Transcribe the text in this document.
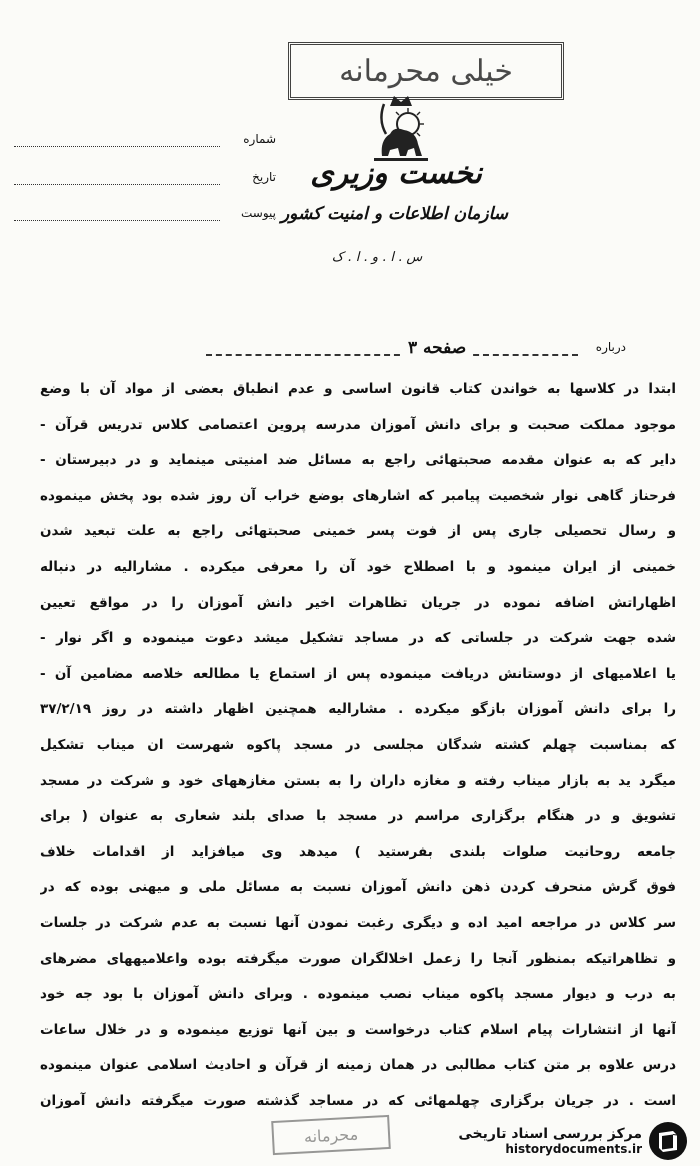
خیلی محرمانه
نخست وزیری
سازمان اطلاعات و امنیت کشور
س . ا . و . ا . ک
شماره
تاریخ
پیوست
صفحه ۳	درباره
ابتدا در کلاسها به خواندن کتاب قانون اساسی و عدم انطباق بعضی از مواد آن با وضع
موجود مملکت صحبت و برای دانش آموزان مدرسه پروین اعتصامی کلاس تدریس قرآن -
دایر که به عنوان مقدمه صحبتهائی راجع به مسائل ضد امنیتی مینماید و در دبیرستان -
فرحناز گاهی نوار شخصیت پیامبر که اشارهای بوضع خراب آن روز شده بود پخش مینموده
و رسال تحصیلی جاری پس از فوت پسر خمینی صحبتهائی راجع به علت تبعید شدن
خمینی از ایران مینمود و با اصطلاح خود آن را معرفی میکرده . مشارالیه در دنباله
اظهاراتش اضافه نموده در جریان تظاهرات اخیر دانش آموزان را در مواقع تعیین
شده جهت شرکت در جلساتی که در مساجد تشکیل میشد دعوت مینموده و اگر نوار -
یا اعلامیهای از دوستانش دریافت مینموده پس از استماع یا مطالعه خلاصه مضامین آن -
را برای دانش آموزان بازگو میکرده . مشارالیه همچنین اظهار داشته در روز ۳۷/۲/۱۹
که بمناسبت چهلم کشته شدگان مجلسی در مسجد پاکوه شهرست ان میناب تشکیل
میگرد ید به بازار میناب رفته و مغازه داران را به بستن مغازههای خود و شرکت در مسجد
تشویق و در هنگام برگزاری مراسم در مسجد با صدای بلند شعاری به عنوان ( برای
جامعه روحانیت صلوات بلندی بفرستید ) میدهد وی میافزاید از اقدامات خلاف
فوق گرش منحرف کردن ذهن دانش آموزان نسبت به مسائل ملی و میهنی بوده که در
سر کلاس در مراجعه امید اده و دیگری رغبت نمودن آنها نسبت به عدم شرکت در جلسات
و تظاهراتیکه بمنظور آنجا را زعمل اخلالگران صورت میگرفته بوده واعلامیههای مضرهای
به درب و دیوار مسجد پاکوه میناب نصب مینموده . وبرای دانش آموزان با بود جه خود
آنها از انتشارات پیام اسلام کتاب درخواست و بین آنها توزیع مینموده و در خلال ساعات
درس علاوه بر متن کتاب مطالبی در همان زمینه از قرآن و احادیث اسلامی عنوان مینموده
است . در جریان برگزاری چهلمهائی که در مساجد گذشته صورت میگرفته دانش آموزان
محرمانه	مرکز بررسی اسناد تاریخی
historydocuments.ir
